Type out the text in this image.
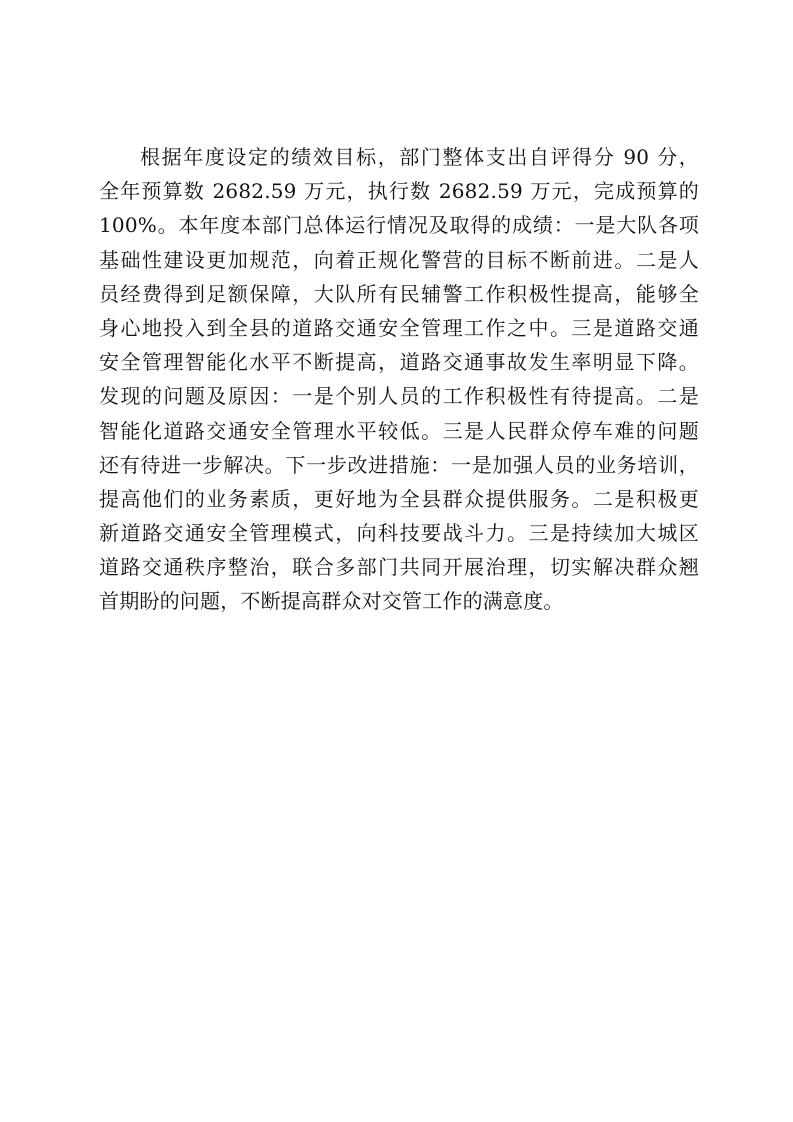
根据年度设定的绩效目标，部门整体支出自评得分 90 分，
全年预算数 2682.59 万元，执行数 2682.59 万元，完成预算的
100%。本年度本部门总体运行情况及取得的成绩：一是大队各项
基础性建设更加规范，向着正规化警营的目标不断前进。二是人
员经费得到足额保障，大队所有民辅警工作积极性提高，能够全
身心地投入到全县的道路交通安全管理工作之中。三是道路交通
安全管理智能化水平不断提高，道路交通事故发生率明显下降。
发现的问题及原因：一是个别人员的工作积极性有待提高。二是
智能化道路交通安全管理水平较低。三是人民群众停车难的问题
还有待进一步解决。下一步改进措施：一是加强人员的业务培训，
提高他们的业务素质，更好地为全县群众提供服务。二是积极更
新道路交通安全管理模式，向科技要战斗力。三是持续加大城区
道路交通秩序整治，联合多部门共同开展治理，切实解决群众翘
首期盼的问题，不断提高群众对交管工作的满意度。
